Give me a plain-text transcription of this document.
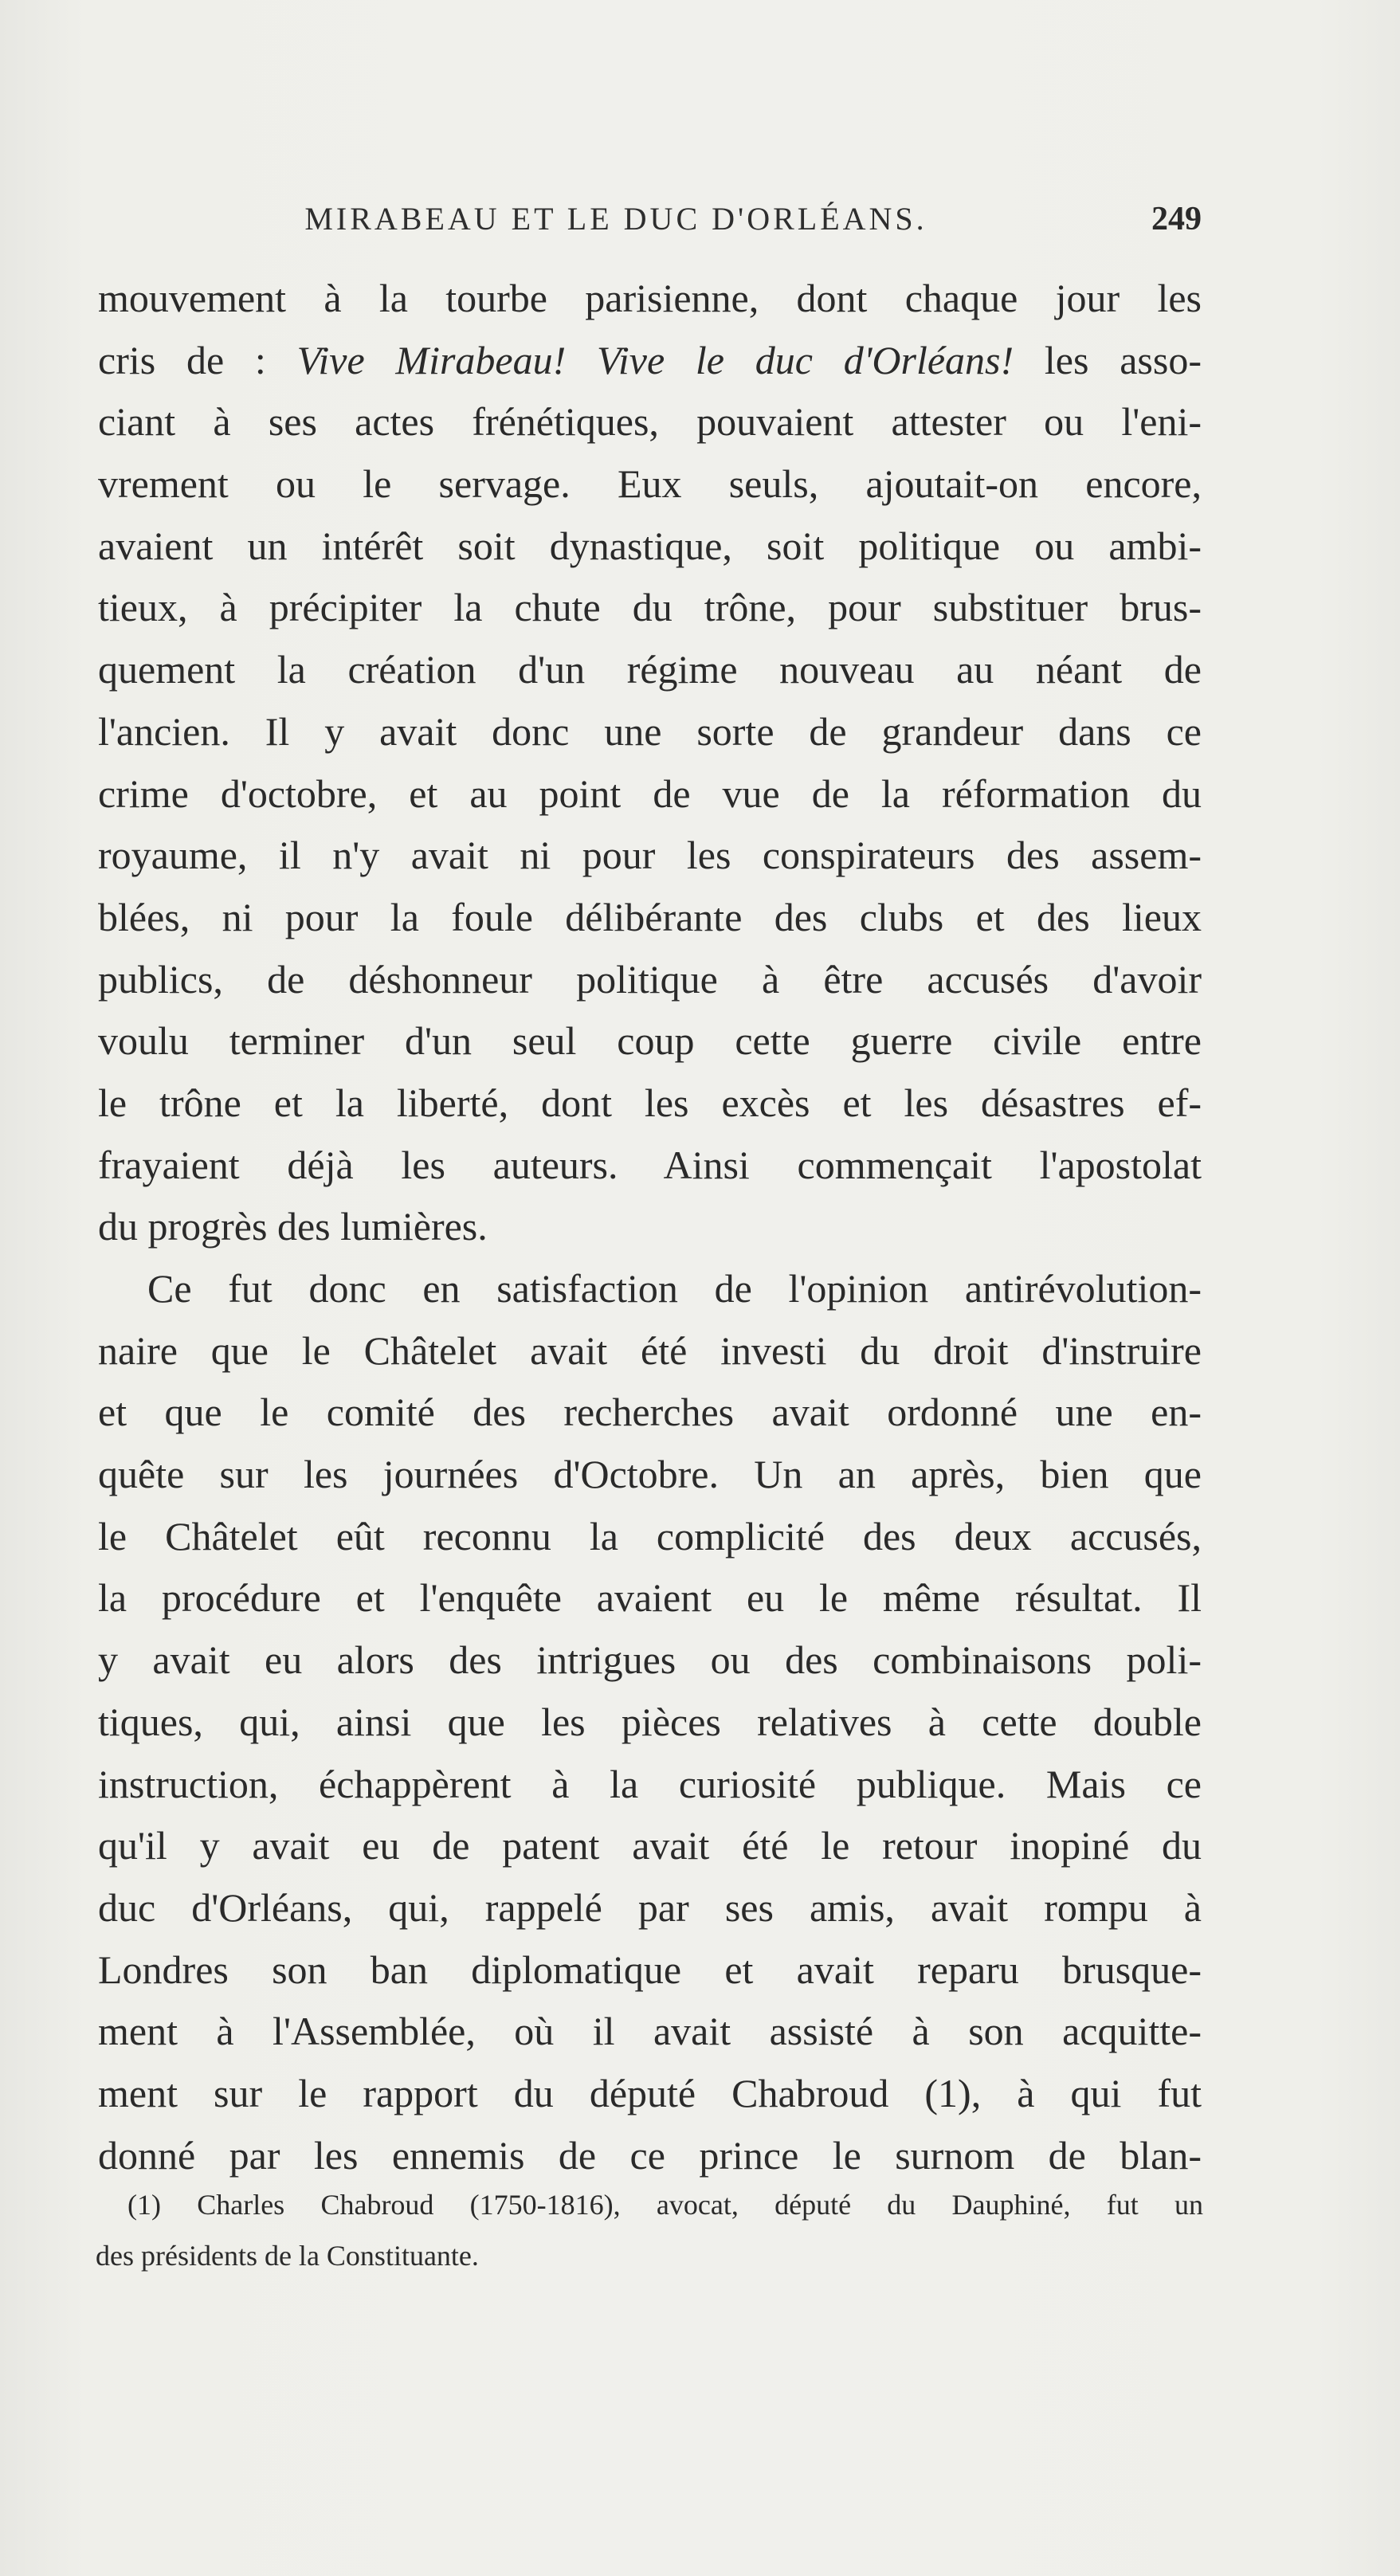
MIRABEAU ET LE DUC D'ORLÉANS.	249
mouvement à la tourbe parisienne, dont chaque jour les
cris de : Vive Mirabeau! Vive le duc d'Orléans! les asso-
ciant à ses actes frénétiques, pouvaient attester ou l'eni-
vrement ou le servage. Eux seuls, ajoutait-on encore,
avaient un intérêt soit dynastique, soit politique ou ambi-
tieux, à précipiter la chute du trône, pour substituer brus-
quement la création d'un régime nouveau au néant de
l'ancien. Il y avait donc une sorte de grandeur dans ce
crime d'octobre, et au point de vue de la réformation du
royaume, il n'y avait ni pour les conspirateurs des assem-
blées, ni pour la foule délibérante des clubs et des lieux
publics, de déshonneur politique à être accusés d'avoir
voulu terminer d'un seul coup cette guerre civile entre
le trône et la liberté, dont les excès et les désastres ef-
frayaient déjà les auteurs. Ainsi commençait l'apostolat
du progrès des lumières.
Ce fut donc en satisfaction de l'opinion antirévolution-
naire que le Châtelet avait été investi du droit d'instruire
et que le comité des recherches avait ordonné une en-
quête sur les journées d'Octobre. Un an après, bien que
le Châtelet eût reconnu la complicité des deux accusés,
la procédure et l'enquête avaient eu le même résultat. Il
y avait eu alors des intrigues ou des combinaisons poli-
tiques, qui, ainsi que les pièces relatives à cette double
instruction, échappèrent à la curiosité publique. Mais ce
qu'il y avait eu de patent avait été le retour inopiné du
duc d'Orléans, qui, rappelé par ses amis, avait rompu à
Londres son ban diplomatique et avait reparu brusque-
ment à l'Assemblée, où il avait assisté à son acquitte-
ment sur le rapport du député Chabroud (1), à qui fut
donné par les ennemis de ce prince le surnom de blan-
(1) Charles Chabroud (1750-1816), avocat, député du Dauphiné, fut un
des présidents de la Constituante.
